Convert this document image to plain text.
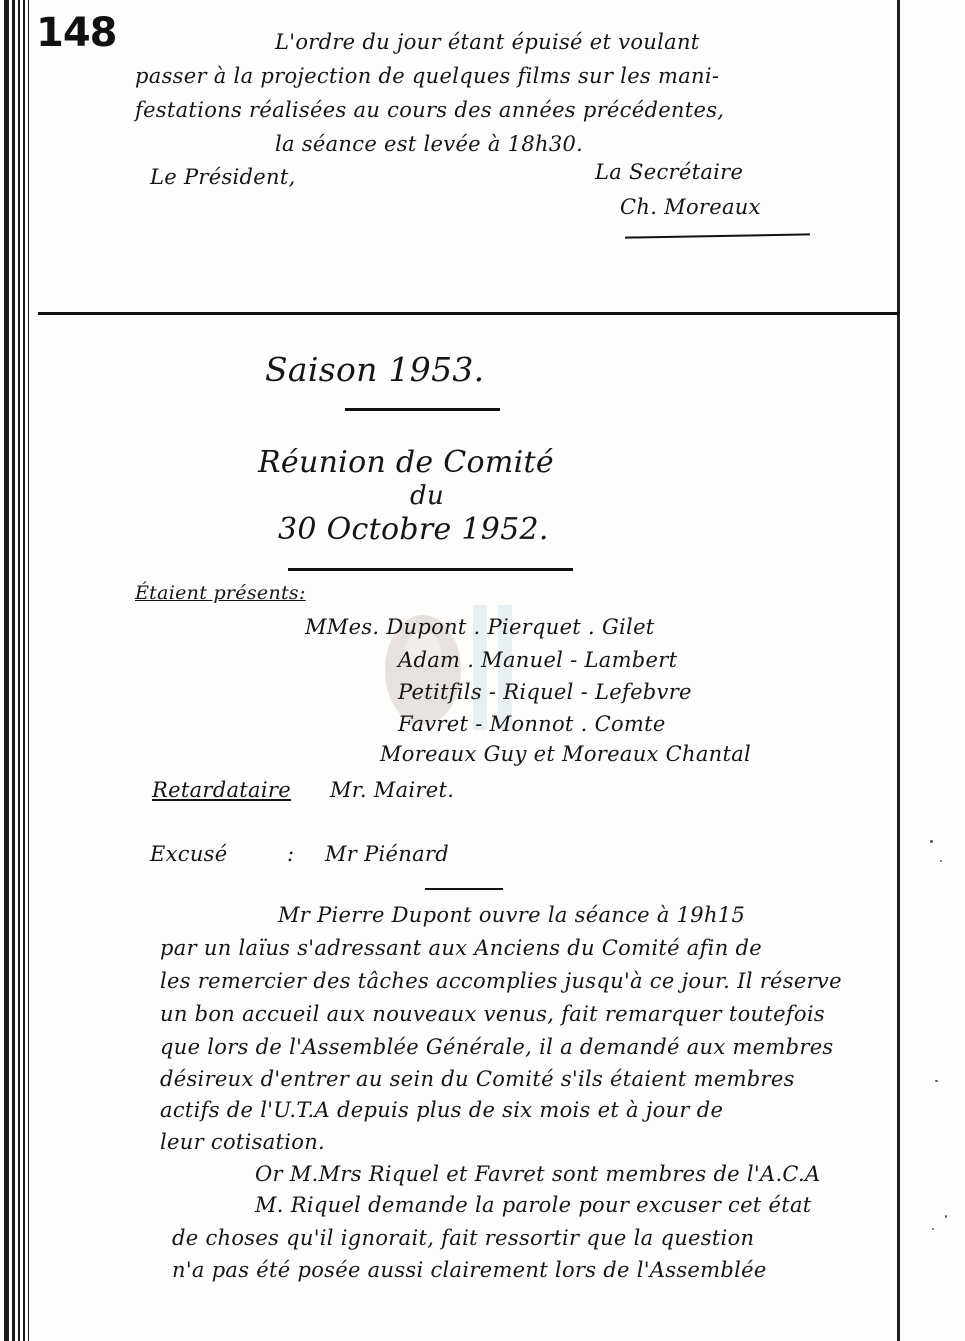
148	L'ordre du jour étant épuisé et voulant
passer à la projection de quelques films sur les mani-
festations réalisées au cours des années précédentes,
la séance est levée à 18h30.
Le Président,	La Secrétaire
Ch. Moreaux
Saison 1953.
Réunion de Comité
du
30 Octobre 1952.
Étaient présents:
MMes. Dupont . Pierquet . Gilet
Adam . Manuel - Lambert
Petitfils - Riquel - Lefebvre
Favret - Monnot . Comte
Moreaux Guy et Moreaux Chantal
Retardataire Mr. Mairet.
Excusé	: Mr Piénard
Mr Pierre Dupont ouvre la séance à 19h15
par un laïus s'adressant aux Anciens du Comité afin de
les remercier des tâches accomplies jusqu'à ce jour. Il réserve
un bon accueil aux nouveaux venus, fait remarquer toutefois
que lors de l'Assemblée Générale, il a demandé aux membres
désireux d'entrer au sein du Comité s'ils étaient membres
actifs de l'U.T.A depuis plus de six mois et à jour de
leur cotisation.
Or M.Mrs Riquel et Favret sont membres de l'A.C.A
M. Riquel demande la parole pour excuser cet état
de choses qu'il ignorait, fait ressortir que la question
n'a pas été posée aussi clairement lors de l'Assemblée
